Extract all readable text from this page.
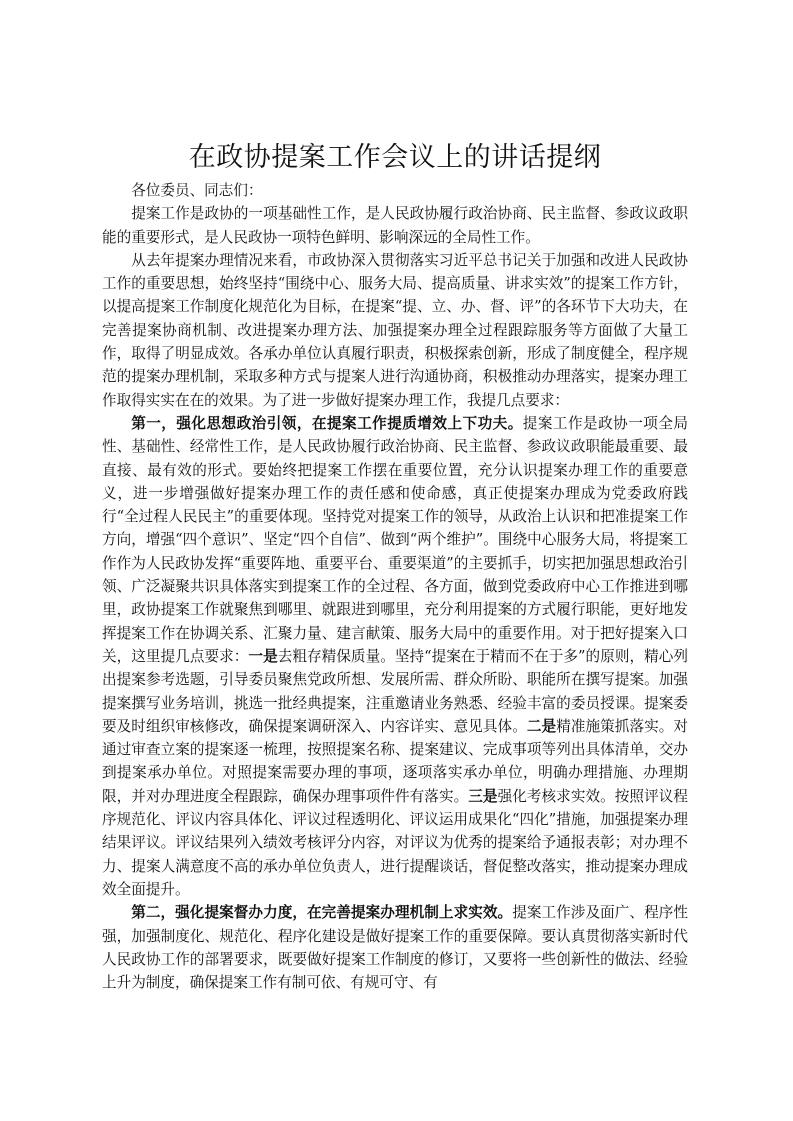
在政协提案工作会议上的讲话提纲
各位委员、同志们：

提案工作是政协的一项基础性工作，是人民政协履行政治协商、民主监督、参政议政职能的重要形式，是人民政协一项特色鲜明、影响深远的全局性工作。

从去年提案办理情况来看，市政协深入贯彻落实习近平总书记关于加强和改进人民政协工作的重要思想，始终坚持“围绕中心、服务大局、提高质量、讲求实效”的提案工作方针，以提高提案工作制度化规范化为目标，在提案“提、立、办、督、评”的各环节下大功夫，在完善提案协商机制、改进提案办理方法、加强提案办理全过程跟踪服务等方面做了大量工作，取得了明显成效。各承办单位认真履行职责，积极探索创新，形成了制度健全，程序规范的提案办理机制，采取多种方式与提案人进行沟通协商，积极推动办理落实，提案办理工作取得实实在在的效果。为了进一步做好提案办理工作，我提几点要求：

第一，强化思想政治引领，在提案工作提质增效上下功夫。提案工作是政协一项全局性、基础性、经常性工作，是人民政协履行政治协商、民主监督、参政议政职能最重要、最直接、最有效的形式。要始终把提案工作摆在重要位置，充分认识提案办理工作的重要意义，进一步增强做好提案办理工作的责任感和使命感，真正使提案办理成为党委政府践行“全过程人民民主”的重要体现。坚持党对提案工作的领导，从政治上认识和把准提案工作方向，增强“四个意识”、坚定“四个自信”、做到“两个维护”。围绕中心服务大局，将提案工作作为人民政协发挥“重要阵地、重要平台、重要渠道”的主要抓手，切实把加强思想政治引领、广泛凝聚共识具体落实到提案工作的全过程、各方面，做到党委政府中心工作推进到哪里，政协提案工作就聚焦到哪里、就跟进到哪里，充分利用提案的方式履行职能，更好地发挥提案工作在协调关系、汇聚力量、建言献策、服务大局中的重要作用。对于把好提案入口关，这里提几点要求：一是去粗存精保质量。坚持“提案在于精而不在于多”的原则，精心列出提案参考选题，引导委员聚焦党政所想、发展所需、群众所盼、职能所在撰写提案。加强提案撰写业务培训，挑选一批经典提案，注重邀请业务熟悉、经验丰富的委员授课。提案委要及时组织审核修改，确保提案调研深入、内容详实、意见具体。二是精准施策抓落实。对通过审查立案的提案逐一梳理，按照提案名称、提案建议、完成事项等列出具体清单，交办到提案承办单位。对照提案需要办理的事项，逐项落实承办单位，明确办理措施、办理期限，并对办理进度全程跟踪，确保办理事项件件有落实。三是强化考核求实效。按照评议程序规范化、评议内容具体化、评议过程透明化、评议运用成果化“四化”措施，加强提案办理结果评议。评议结果列入绩效考核评分内容，对评议为优秀的提案给予通报表彰；对办理不力、提案人满意度不高的承办单位负责人，进行提醒谈话，督促整改落实，推动提案办理成效全面提升。

第二，强化提案督办力度，在完善提案办理机制上求实效。提案工作涉及面广、程序性强，加强制度化、规范化、程序化建设是做好提案工作的重要保障。要认真贯彻落实新时代人民政协工作的部署要求，既要做好提案工作制度的修订，又要将一些创新性的做法、经验上升为制度，确保提案工作有制可依、有规可守、有
